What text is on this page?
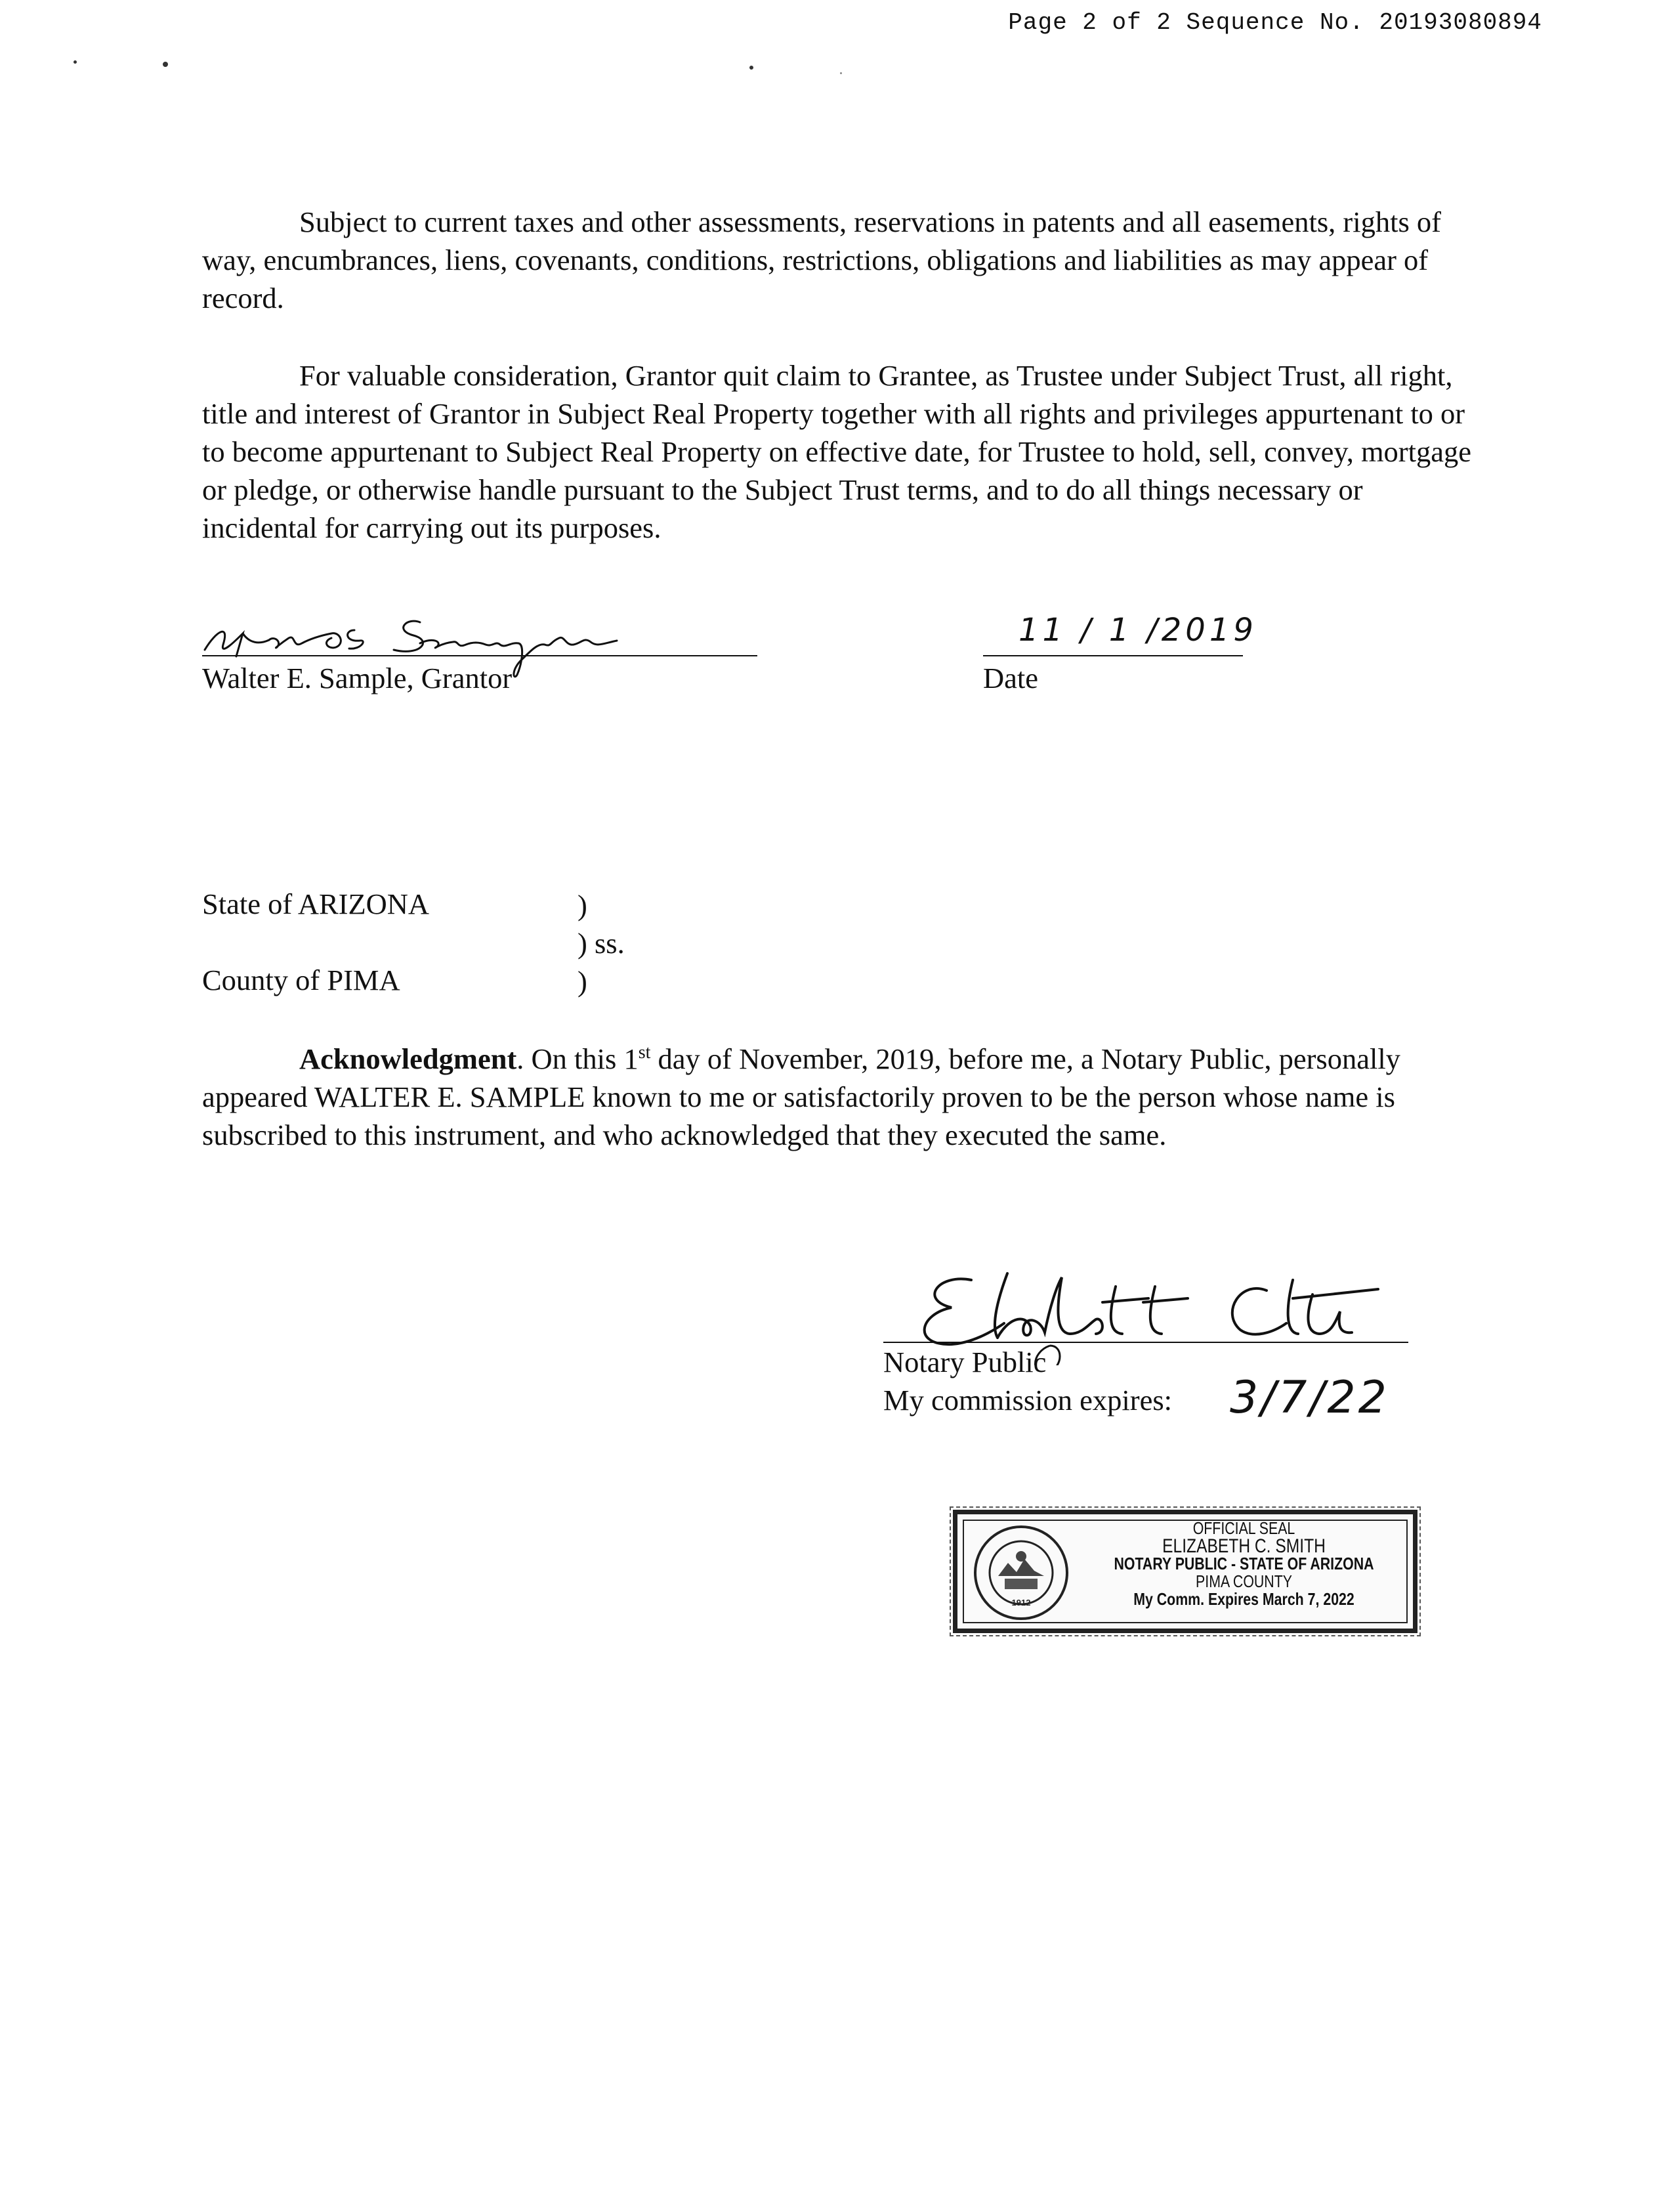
Page 2 of 2 Sequence No. 20193080894
Subject to current taxes and other assessments, reservations in patents and all easements, rights of way, encumbrances, liens, covenants, conditions, restrictions, obligations and liabilities as may appear of record.
For valuable consideration, Grantor quit claim to Grantee, as Trustee under Subject Trust, all right, title and interest of Grantor in Subject Real Property together with all rights and privileges appurtenant to or to become appurtenant to Subject Real Property on effective date, for Trustee to hold, sell, convey, mortgage or pledge, or otherwise handle pursuant to the Subject Trust terms, and to do all things necessary or incidental for carrying out its purposes.
Walter E. Sample, Grantor
11 / 1 /2019
Date
State of ARIZONA
County of PIMA
)
) ss.
)
Acknowledgment. On this 1st day of November, 2019, before me, a Notary Public, personally appeared WALTER E. SAMPLE known to me or satisfactorily proven to be the person whose name is subscribed to this instrument, and who acknowledged that they executed the same.
Notary Public
My commission expires: 3/7/22
1912
OFFICIAL SEAL
ELIZABETH C. SMITH
NOTARY PUBLIC - STATE OF ARIZONA
PIMA COUNTY
My Comm. Expires March 7, 2022
